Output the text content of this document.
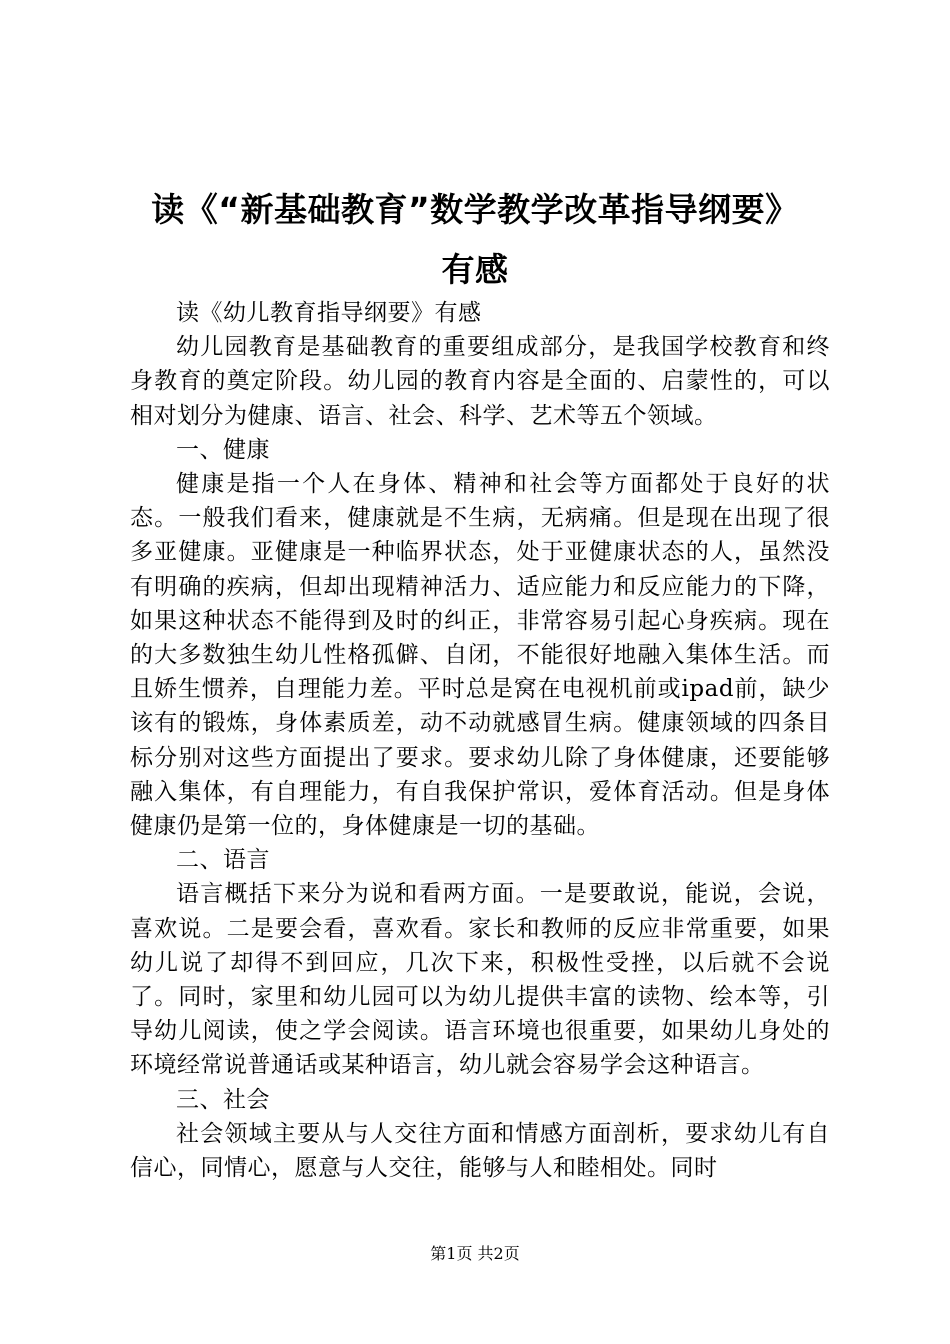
读《“新基础教育”数学教学改革指导纲要》
有感

读《幼儿教育指导纲要》有感

幼儿园教育是基础教育的重要组成部分，是我国学校教育和终身教育的奠定阶段。幼儿园的教育内容是全面的、启蒙性的，可以相对划分为健康、语言、社会、科学、艺术等五个领域。

一、健康

健康是指一个人在身体、精神和社会等方面都处于良好的状态。一般我们看来，健康就是不生病，无病痛。但是现在出现了很多亚健康。亚健康是一种临界状态，处于亚健康状态的人，虽然没有明确的疾病，但却出现精神活力、适应能力和反应能力的下降，如果这种状态不能得到及时的纠正，非常容易引起心身疾病。现在的大多数独生幼儿性格孤僻、自闭，不能很好地融入集体生活。而且娇生惯养，自理能力差。平时总是窝在电视机前或ipad前，缺少该有的锻炼，身体素质差，动不动就感冒生病。健康领域的四条目标分别对这些方面提出了要求。要求幼儿除了身体健康，还要能够融入集体，有自理能力，有自我保护常识，爱体育活动。但是身体健康仍是第一位的，身体健康是一切的基础。

二、语言

语言概括下来分为说和看两方面。一是要敢说，能说，会说，喜欢说。二是要会看，喜欢看。家长和教师的反应非常重要，如果幼儿说了却得不到回应，几次下来，积极性受挫，以后就不会说了。同时，家里和幼儿园可以为幼儿提供丰富的读物、绘本等，引导幼儿阅读，使之学会阅读。语言环境也很重要，如果幼儿身处的环境经常说普通话或某种语言，幼儿就会容易学会这种语言。

三、社会

社会领域主要从与人交往方面和情感方面剖析，要求幼儿有自信心，同情心，愿意与人交往，能够与人和睦相处。同时

第1页 共2页
